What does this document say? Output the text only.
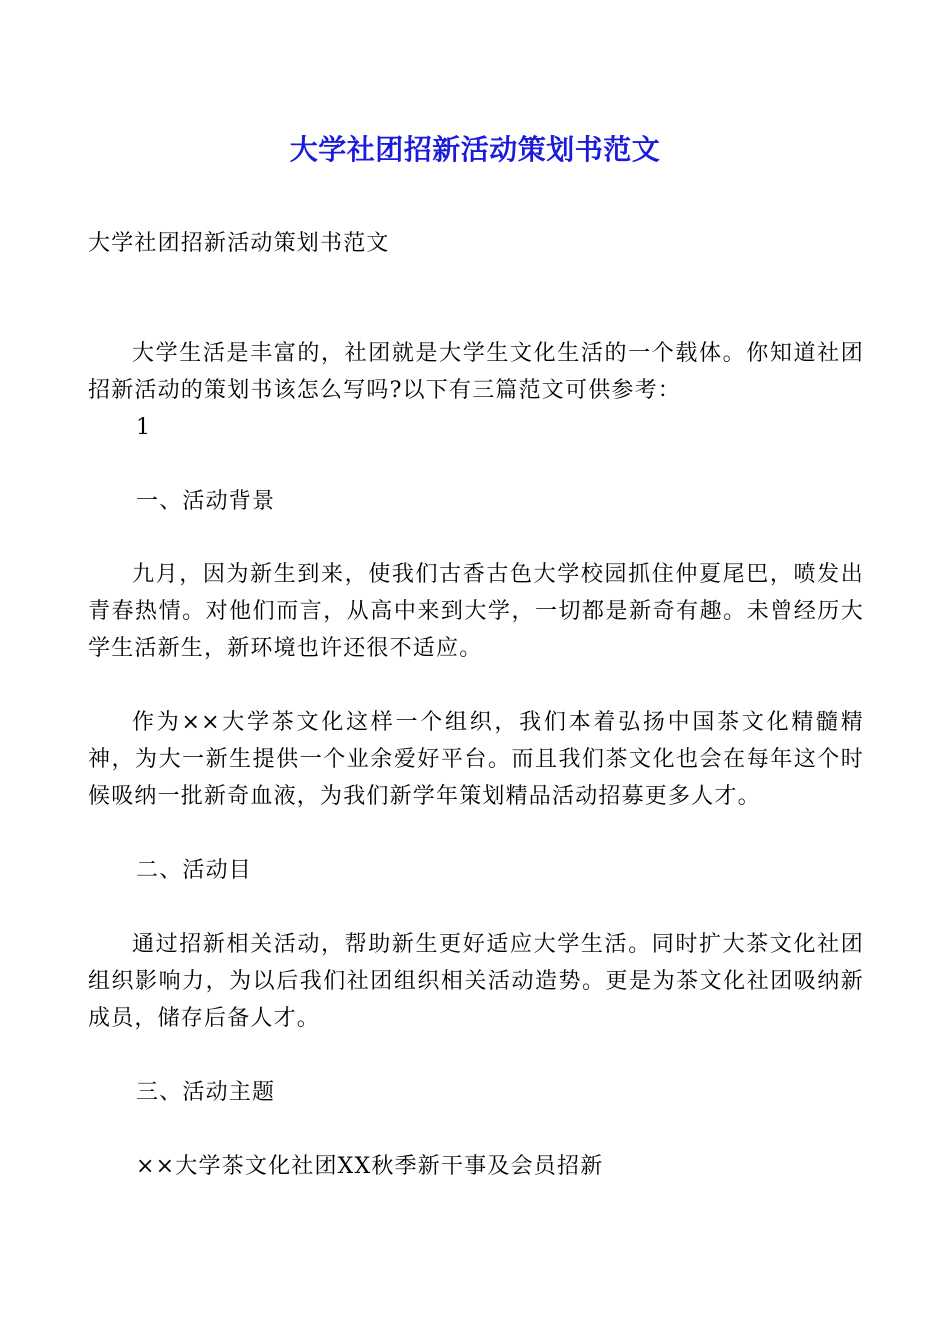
大学社团招新活动策划书范文
大学社团招新活动策划书范文
大学生活是丰富的，社团就是大学生文化生活的一个载体。你知道社团招新活动的策划书该怎么写吗?以下有三篇范文可供参考：
1
一、活动背景
九月，因为新生到来，使我们古香古色大学校园抓住仲夏尾巴，喷发出青春热情。对他们而言，从高中来到大学，一切都是新奇有趣。未曾经历大学生活新生，新环境也许还很不适应。
作为××大学茶文化这样一个组织，我们本着弘扬中国茶文化精髓精神，为大一新生提供一个业余爱好平台。而且我们茶文化也会在每年这个时候吸纳一批新奇血液，为我们新学年策划精品活动招募更多人才。
二、活动目
通过招新相关活动，帮助新生更好适应大学生活。同时扩大茶文化社团组织影响力，为以后我们社团组织相关活动造势。更是为茶文化社团吸纳新成员，储存后备人才。
三、活动主题
××大学茶文化社团XX秋季新干事及会员招新
